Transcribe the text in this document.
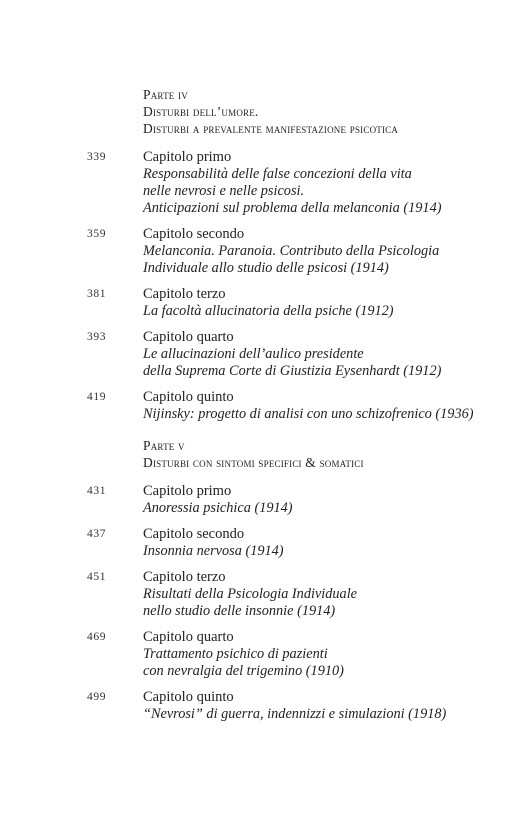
Parte iv
Disturbi dell’umore.
Disturbi a prevalente manifestazione psicotica
339	Capitolo primo
Responsabilità delle false concezioni della vita
nelle nevrosi e nelle psicosi.
Anticipazioni sul problema della melanconia (1914)
359	Capitolo secondo
Melanconia. Paranoia. Contributo della Psicologia
Individuale allo studio delle psicosi (1914)
381	Capitolo terzo
La facoltà allucinatoria della psiche (1912)
393	Capitolo quarto
Le allucinazioni dell’aulico presidente
della Suprema Corte di Giustizia Eysenhardt (1912)
419	Capitolo quinto
Nijinsky: progetto di analisi con uno schizofrenico (1936)
Parte v
Disturbi con sintomi specifici & somatici
431	Capitolo primo
Anoressia psichica (1914)
437	Capitolo secondo
Insonnia nervosa (1914)
451	Capitolo terzo
Risultati della Psicologia Individuale
nello studio delle insonnie (1914)
469	Capitolo quarto
Trattamento psichico di pazienti
con nevralgia del trigemino (1910)
499	Capitolo quinto
“Nevrosi” di guerra, indennizzi e simulazioni (1918)
